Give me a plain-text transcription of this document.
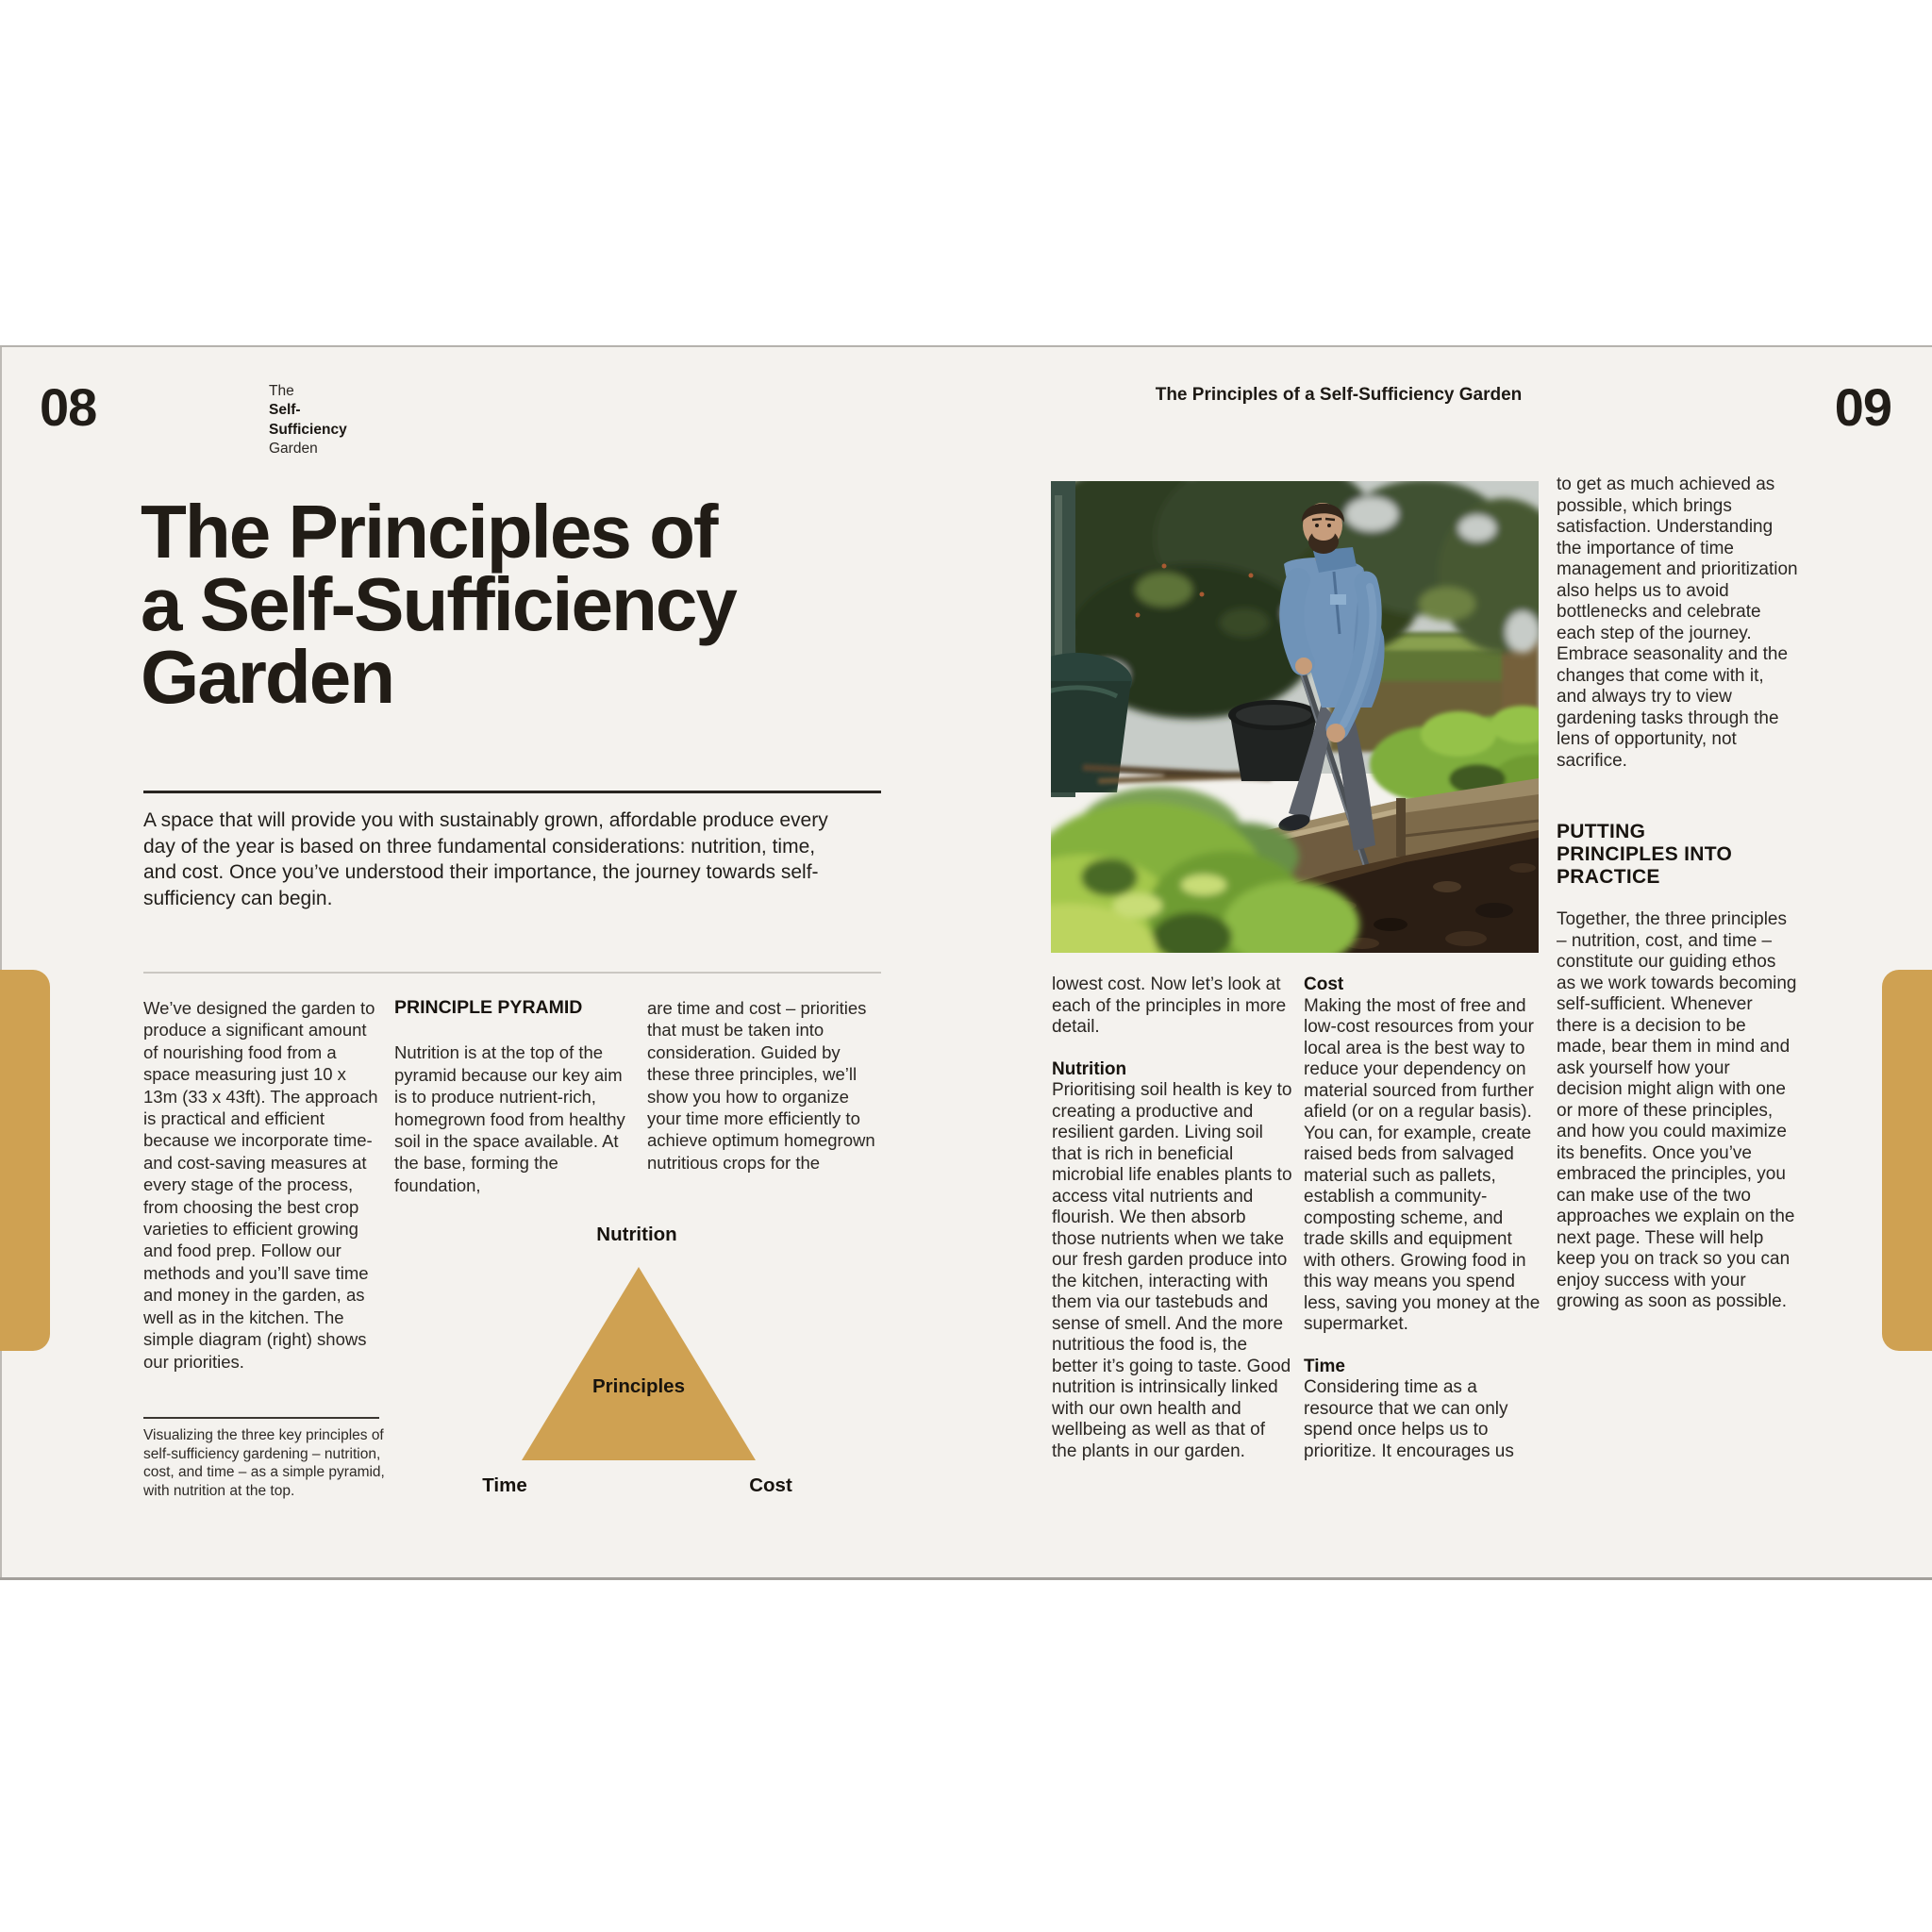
08	The
Self-
Sufficiency
Garden
The Principles of
a Self-Sufficiency
Garden

A space that will provide you with sustainably grown, affordable produce every day of the year is based on three fundamental considerations: nutrition, time, and cost. Once you’ve understood their importance, the journey towards self-sufficiency can begin.

We’ve designed the garden to produce a significant amount of nourishing food from a space measuring just 10 x 13m (33 x 43ft). The approach is practical and efficient because we incorporate time- and cost-saving measures at every stage of the process, from choosing the best crop varieties to efficient growing and food prep. Follow our methods and you’ll save time and money in the garden, as well as in the kitchen. The simple diagram (right) shows our priorities.

Visualizing the three key principles of self-sufficiency gardening – nutrition, cost, and time – as a simple pyramid, with nutrition at the top.

PRINCIPLE PYRAMID

Nutrition is at the top of the pyramid because our key aim is to produce nutrient-rich, homegrown food from healthy soil in the space available. At the base, forming the foundation,

are time and cost – priorities that must be taken into consideration. Guided by these three principles, we’ll show you how to organize your time more efficiently to achieve optimum homegrown nutritious crops for the

Nutrition
Principles
Time	Cost
The Principles of a Self-Sufficiency Garden	09

lowest cost. Now let’s look at each of the principles in more detail.

Nutrition

Prioritising soil health is key to creating a productive and resilient garden. Living soil that is rich in beneficial microbial life enables plants to access vital nutrients and flourish. We then absorb those nutrients when we take our fresh garden produce into the kitchen, interacting with them via our tastebuds and sense of smell. And the more nutritious the food is, the better it’s going to taste. Good nutrition is intrinsically linked with our own health and wellbeing as well as that of the plants in our garden.

Cost

Making the most of free and low-cost resources from your local area is the best way to reduce your dependency on material sourced from further afield (or on a regular basis). You can, for example, create raised beds from salvaged material such as pallets, establish a community-composting scheme, and trade skills and equipment with others. Growing food in this way means you spend less, saving you money at the supermarket.

Time

Considering time as a resource that we can only spend once helps us to prioritize. It encourages us

to get as much achieved as possible, which brings satisfaction. Understanding the importance of time management and prioritization also helps us to avoid bottlenecks and celebrate each step of the journey. Embrace seasonality and the changes that come with it, and always try to view gardening tasks through the lens of opportunity, not sacrifice.

PUTTING
PRINCIPLES INTO
PRACTICE

Together, the three principles – nutrition, cost, and time – constitute our guiding ethos as we work towards becoming self-sufficient. Whenever there is a decision to be made, bear them in mind and ask yourself how your decision might align with one or more of these principles, and how you could maximize its benefits. Once you’ve embraced the principles, you can make use of the two approaches we explain on the next page. These will help keep you on track so you can enjoy success with your growing as soon as possible.
